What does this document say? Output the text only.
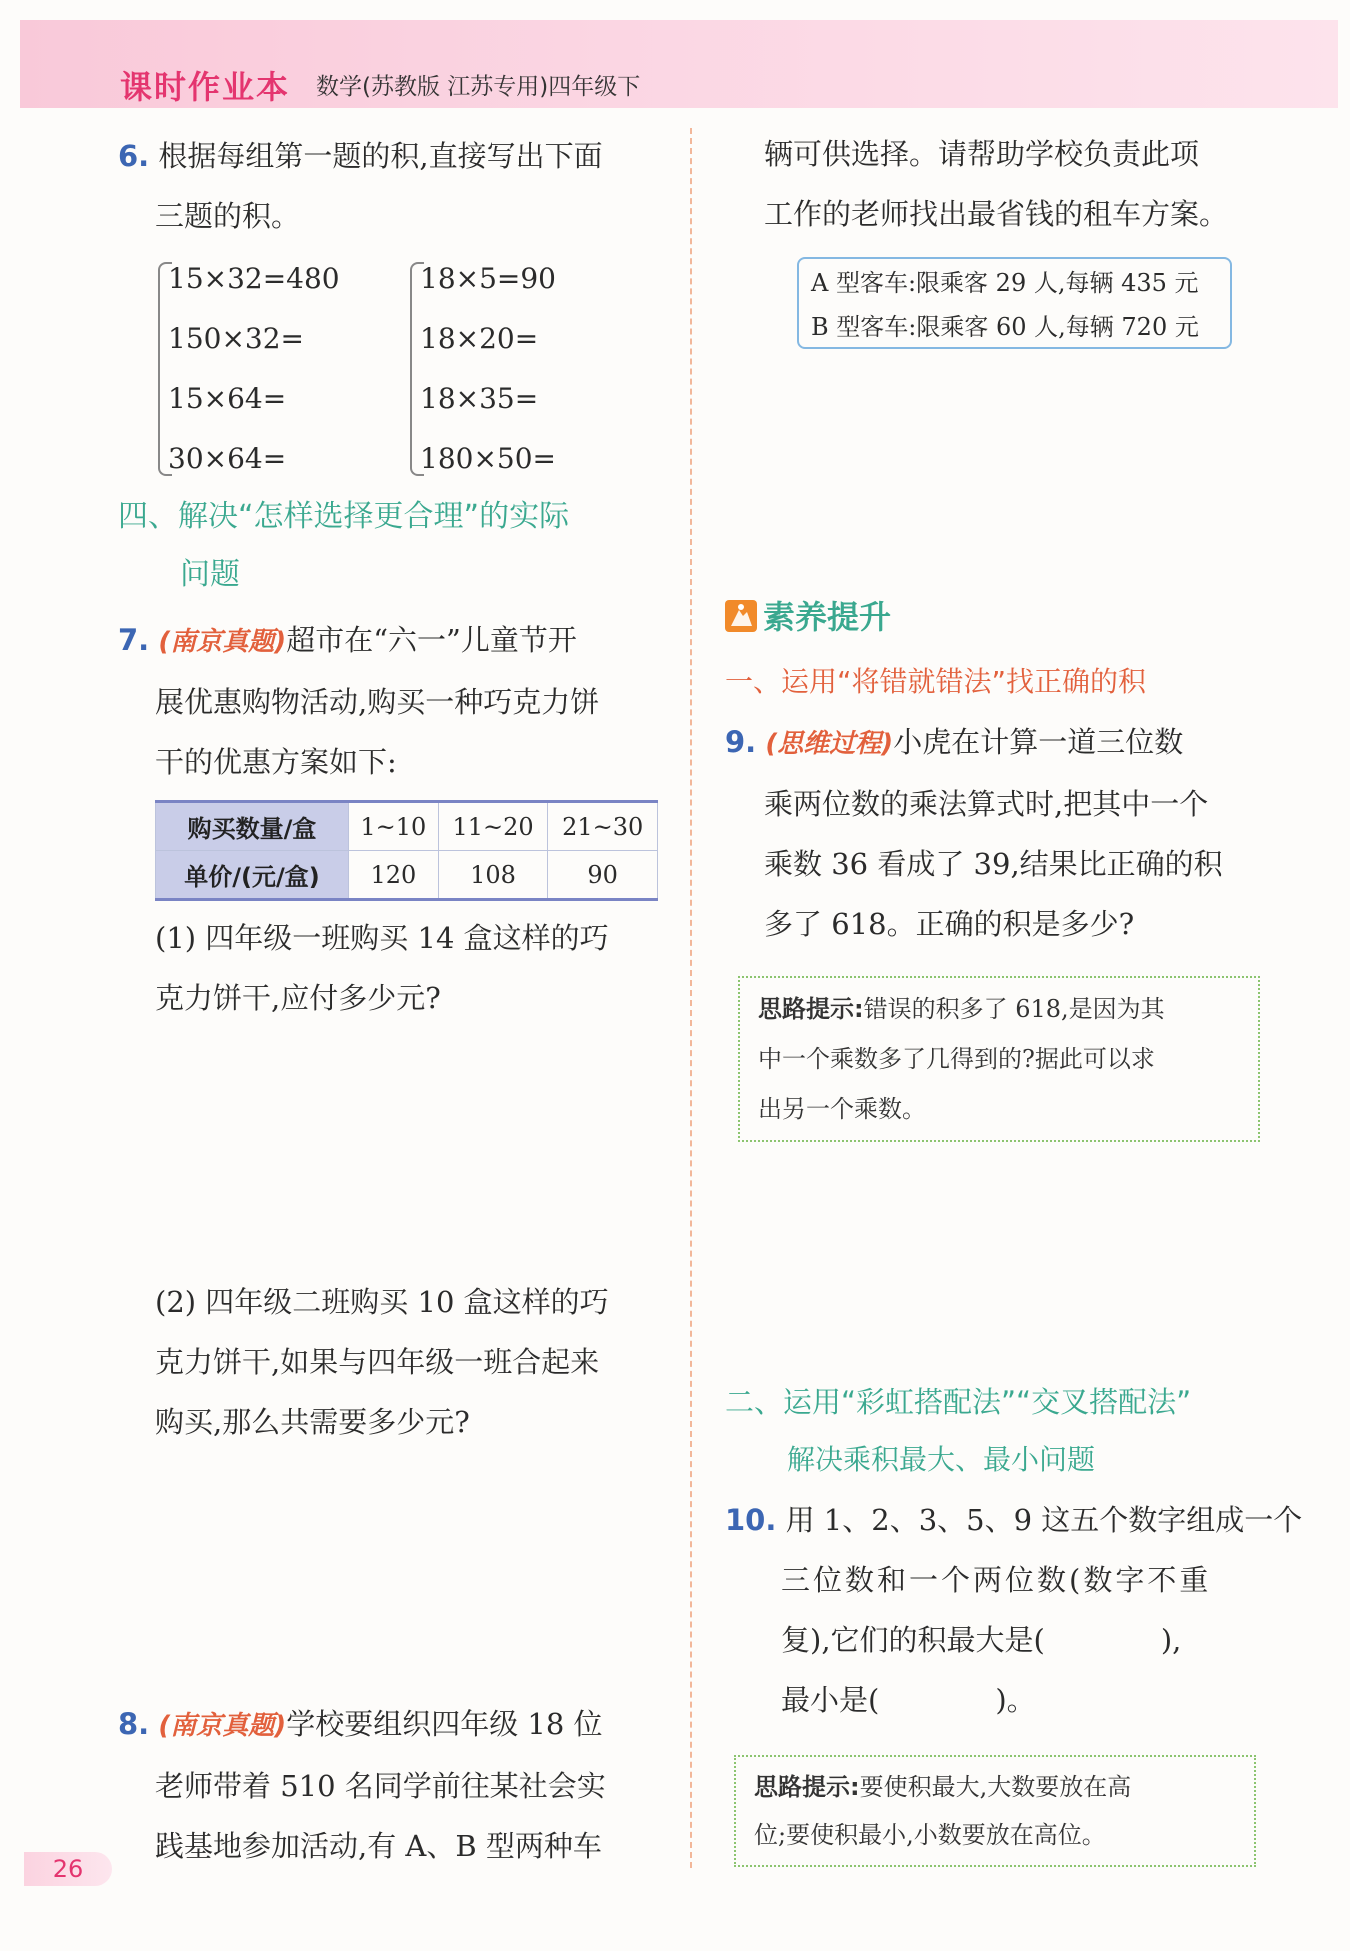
课时作业本 数学(苏教版 江苏专用)四年级下
6. 根据每组第一题的积,直接写出下面
三题的积。
15×32=480
150×32=
15×64=
30×64=
18×5=90
18×20=
18×35=
180×50=
四、解决“怎样选择更合理”的实际
问题
7. (南京真题)超市在“六一”儿童节开
展优惠购物活动,购买一种巧克力饼
干的优惠方案如下:
购买数量/盒	1~10	11~20	21~30
单价/(元/盒)	120	108	90
(1) 四年级一班购买 14 盒这样的巧
克力饼干,应付多少元?
(2) 四年级二班购买 10 盒这样的巧
克力饼干,如果与四年级一班合起来
购买,那么共需要多少元?
8. (南京真题)学校要组织四年级 18 位
老师带着 510 名同学前往某社会实
践基地参加活动,有 A、B 型两种车
26
辆可供选择。请帮助学校负责此项
工作的老师找出最省钱的租车方案。
A 型客车:限乘客 29 人,每辆 435 元
B 型客车:限乘客 60 人,每辆 720 元
素养提升
一、运用“将错就错法”找正确的积
9. (思维过程)小虎在计算一道三位数
乘两位数的乘法算式时,把其中一个
乘数 36 看成了 39,结果比正确的积
多了 618。正确的积是多少?
思路提示:错误的积多了 618,是因为其
中一个乘数多了几得到的?据此可以求
出另一个乘数。
二、运用“彩虹搭配法”“交叉搭配法”
解决乘积最大、最小问题
10. 用 1、2、3、5、9 这五个数字组成一个
三位数和一个两位数(数字不重
复),它们的积最大是(　　　　),
最小是(　　　　)。
思路提示:要使积最大,大数要放在高
位;要使积最小,小数要放在高位。
